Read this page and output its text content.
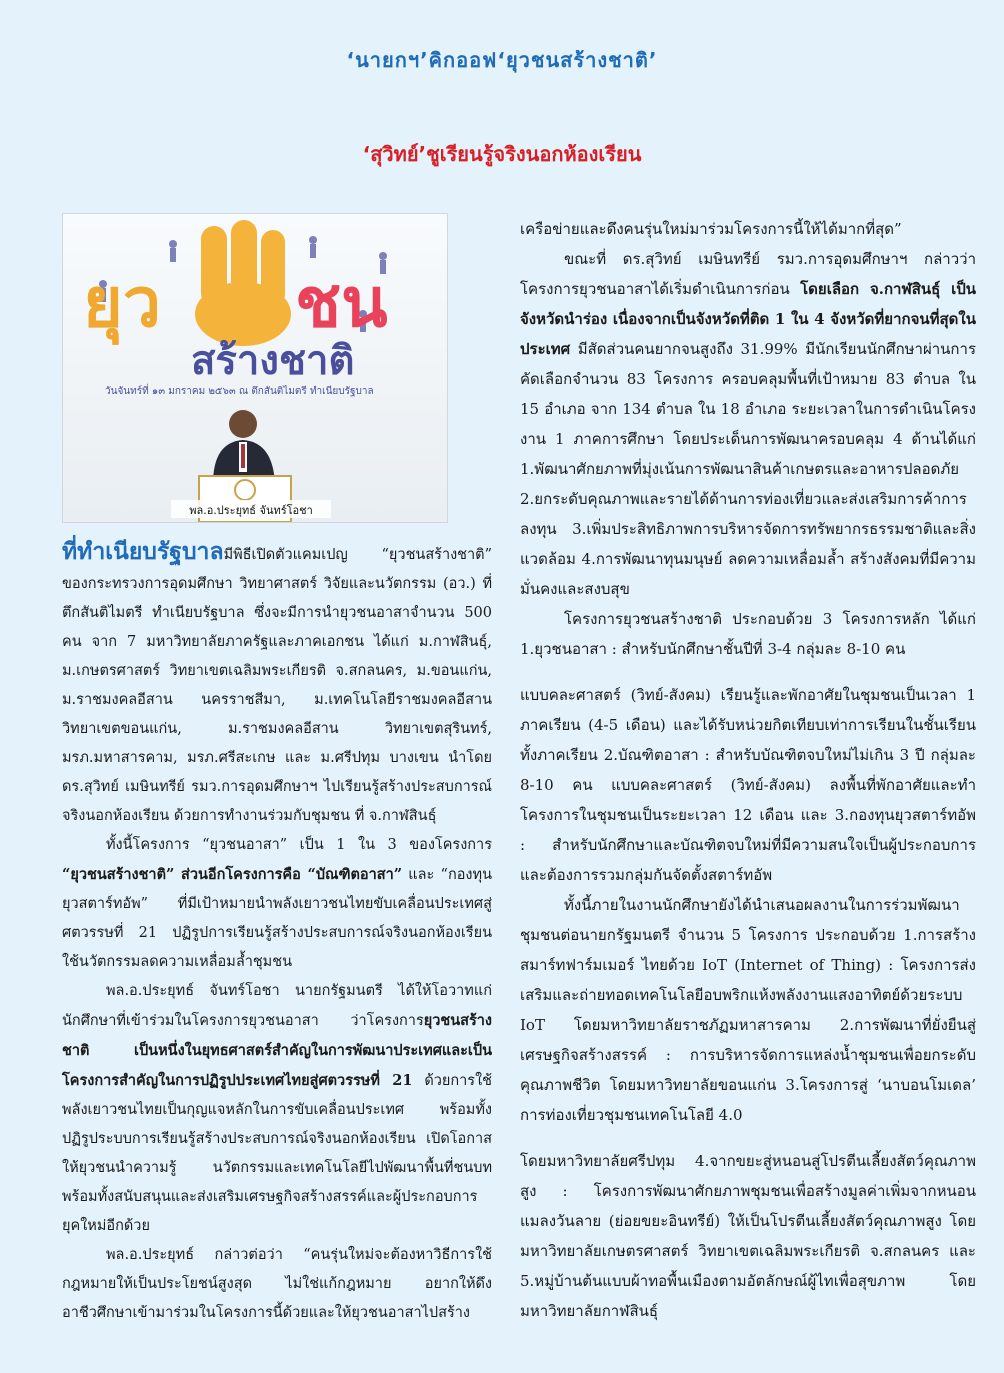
‘นายกฯ’คิกออฟ‘ยุวชนสร้างชาติ’
‘สุวิทย์’ชูเรียนรู้จริงนอกห้องเรียน
ยุว ชน
สร้างชาติ
วันจันทร์ที่ ๑๓ มกราคม ๒๕๖๓ ณ ตึกสันติไมตรี ทำเนียบรัฐบาล
พล.อ.ประยุทธ์ จันทร์โอชา

ที่ทำเนียบรัฐบาลมีพิธีเปิดตัวแคมเปญ “ยุวชนสร้างชาติ” ของกระทรวงการอุดมศึกษา วิทยาศาสตร์ วิจัยและนวัตกรรม (อว.) ที่ตึกสันติไมตรี ทำเนียบรัฐบาล ซึ่งจะมีการนำยุวชนอาสาจำนวน 500 คน จาก 7 มหาวิทยาลัยภาครัฐและภาคเอกชน ได้แก่ ม.กาฬสินธุ์, ม.เกษตรศาสตร์ วิทยาเขตเฉลิมพระเกียรติ จ.สกลนคร, ม.ขอนแก่น, ม.ราชมงคลอีสาน นครราชสีมา, ม.เทคโนโลยีราชมงคลอีสาน วิทยาเขตขอนแก่น, ม.ราชมงคลอีสาน วิทยาเขตสุรินทร์, มรภ.มหาสารคาม, มรภ.ศรีสะเกษ และ ม.ศรีปทุม บางเขน นำโดย ดร.สุวิทย์ เมษินทรีย์ รมว.การอุดมศึกษาฯ ไปเรียนรู้สร้างประสบการณ์จริงนอกห้องเรียน ด้วยการทำงานร่วมกับชุมชน ที่ จ.กาฬสินธุ์

ทั้งนี้โครงการ “ยุวชนอาสา” เป็น 1 ใน 3 ของโครงการ “ยุวชนสร้างชาติ” ส่วนอีกโครงการคือ “บัณฑิตอาสา” และ “กองทุนยุวสตาร์ทอัพ” ที่มีเป้าหมายนำพลังเยาวชนไทยขับเคลื่อนประเทศสู่ศตวรรษที่ 21 ปฏิรูปการเรียนรู้สร้างประสบการณ์จริงนอกห้องเรียน ใช้นวัตกรรมลดความเหลื่อมล้ำชุมชน

พล.อ.ประยุทธ์ จันทร์โอชา นายกรัฐมนตรี ได้ให้โอวาทแก่นักศึกษาที่เข้าร่วมในโครงการยุวชนอาสา ว่าโครงการยุวชนสร้างชาติ เป็นหนึ่งในยุทธศาสตร์สำคัญในการพัฒนาประเทศและเป็นโครงการสำคัญในการปฏิรูปประเทศไทยสู่ศตวรรษที่ 21 ด้วยการใช้พลังเยาวชนไทยเป็นกุญแจหลักในการขับเคลื่อนประเทศ พร้อมทั้งปฏิรูประบบการเรียนรู้สร้างประสบการณ์จริงนอกห้องเรียน เปิดโอกาสให้ยุวชนนำความรู้ นวัตกรรมและเทคโนโลยีไปพัฒนาพื้นที่ชนบท พร้อมทั้งสนับสนุนและส่งเสริมเศรษฐกิจสร้างสรรค์และผู้ประกอบการยุคใหม่อีกด้วย

พล.อ.ประยุทธ์ กล่าวต่อว่า “คนรุ่นใหม่จะต้องหาวิธีการใช้กฎหมายให้เป็นประโยชน์สูงสุด ไม่ใช่แก้กฎหมาย อยากให้ดึงอาชีวศึกษาเข้ามาร่วมในโครงการนี้ด้วยและให้ยุวชนอาสาไปสร้าง

เครือข่ายและดึงคนรุ่นใหม่มาร่วมโครงการนี้ให้ได้มากที่สุด”

ขณะที่ ดร.สุวิทย์ เมษินทรีย์ รมว.การอุดมศึกษาฯ กล่าวว่าโครงการยุวชนอาสาได้เริ่มดำเนินการก่อน โดยเลือก จ.กาฬสินธุ์ เป็นจังหวัดนำร่อง เนื่องจากเป็นจังหวัดที่ติด 1 ใน 4 จังหวัดที่ยากจนที่สุดในประเทศ มีสัดส่วนคนยากจนสูงถึง 31.99% มีนักเรียนนักศึกษาผ่านการคัดเลือกจำนวน 83 โครงการ ครอบคลุมพื้นที่เป้าหมาย 83 ตำบล ใน 15 อำเภอ จาก 134 ตำบล ใน 18 อำเภอ ระยะเวลาในการดำเนินโครงงาน 1 ภาคการศึกษา โดยประเด็นการพัฒนาครอบคลุม 4 ด้านได้แก่ 1.พัฒนาศักยภาพที่มุ่งเน้นการพัฒนาสินค้าเกษตรและอาหารปลอดภัย 2.ยกระดับคุณภาพและรายได้ด้านการท่องเที่ยวและส่งเสริมการค้าการลงทุน 3.เพิ่มประสิทธิภาพการบริหารจัดการทรัพยากรธรรมชาติและสิ่งแวดล้อม 4.การพัฒนาทุนมนุษย์ ลดความเหลื่อมล้ำ สร้างสังคมที่มีความมั่นคงและสงบสุข

โครงการยุวชนสร้างชาติ ประกอบด้วย 3 โครงการหลัก ได้แก่ 1.ยุวชนอาสา : สำหรับนักศึกษาชั้นปีที่ 3-4 กลุ่มละ 8-10 คน

แบบคละศาสตร์ (วิทย์-สังคม) เรียนรู้และพักอาศัยในชุมชนเป็นเวลา 1 ภาคเรียน (4-5 เดือน) และได้รับหน่วยกิตเทียบเท่าการเรียนในชั้นเรียนทั้งภาคเรียน 2.บัณฑิตอาสา : สำหรับบัณฑิตจบใหม่ไม่เกิน 3 ปี กลุ่มละ 8-10 คน แบบคละศาสตร์ (วิทย์-สังคม) ลงพื้นที่พักอาศัยและทำโครงการในชุมชนเป็นระยะเวลา 12 เดือน และ 3.กองทุนยุวสตาร์ทอัพ : สำหรับนักศึกษาและบัณฑิตจบใหม่ที่มีความสนใจเป็นผู้ประกอบการและต้องการรวมกลุ่มกันจัดตั้งสตาร์ทอัพ

ทั้งนี้ภายในงานนักศึกษายังได้นำเสนอผลงานในการร่วมพัฒนาชุมชนต่อนายกรัฐมนตรี จำนวน 5 โครงการ ประกอบด้วย 1.การสร้างสมาร์ทฟาร์มเมอร์ ไทยด้วย IoT (Internet of Thing) : โครงการส่งเสริมและถ่ายทอดเทคโนโลยีอบพริกแห้งพลังงานแสงอาทิตย์ด้วยระบบ IoT โดยมหาวิทยาลัยราชภัฏมหาสารคาม 2.การพัฒนาที่ยั่งยืนสู่เศรษฐกิจสร้างสรรค์ : การบริหารจัดการแหล่งน้ำชุมชนเพื่อยกระดับคุณภาพชีวิต โดยมหาวิทยาลัยขอนแก่น 3.โครงการสู่ ‘นาบอนโมเดล’ การท่องเที่ยวชุมชนเทคโนโลยี 4.0

โดยมหาวิทยาลัยศรีปทุม 4.จากขยะสู่หนอนสู่โปรตีนเลี้ยงสัตว์คุณภาพสูง : โครงการพัฒนาศักยภาพชุมชนเพื่อสร้างมูลค่าเพิ่มจากหนอนแมลงวันลาย (ย่อยขยะอินทรีย์) ให้เป็นโปรตีนเลี้ยงสัตว์คุณภาพสูง โดยมหาวิทยาลัยเกษตรศาสตร์ วิทยาเขตเฉลิมพระเกียรติ จ.สกลนคร และ 5.หมู่บ้านต้นแบบผ้าทอพื้นเมืองตามอัตลักษณ์ผู้ไทเพื่อสุขภาพ โดยมหาวิทยาลัยกาฬสินธุ์
